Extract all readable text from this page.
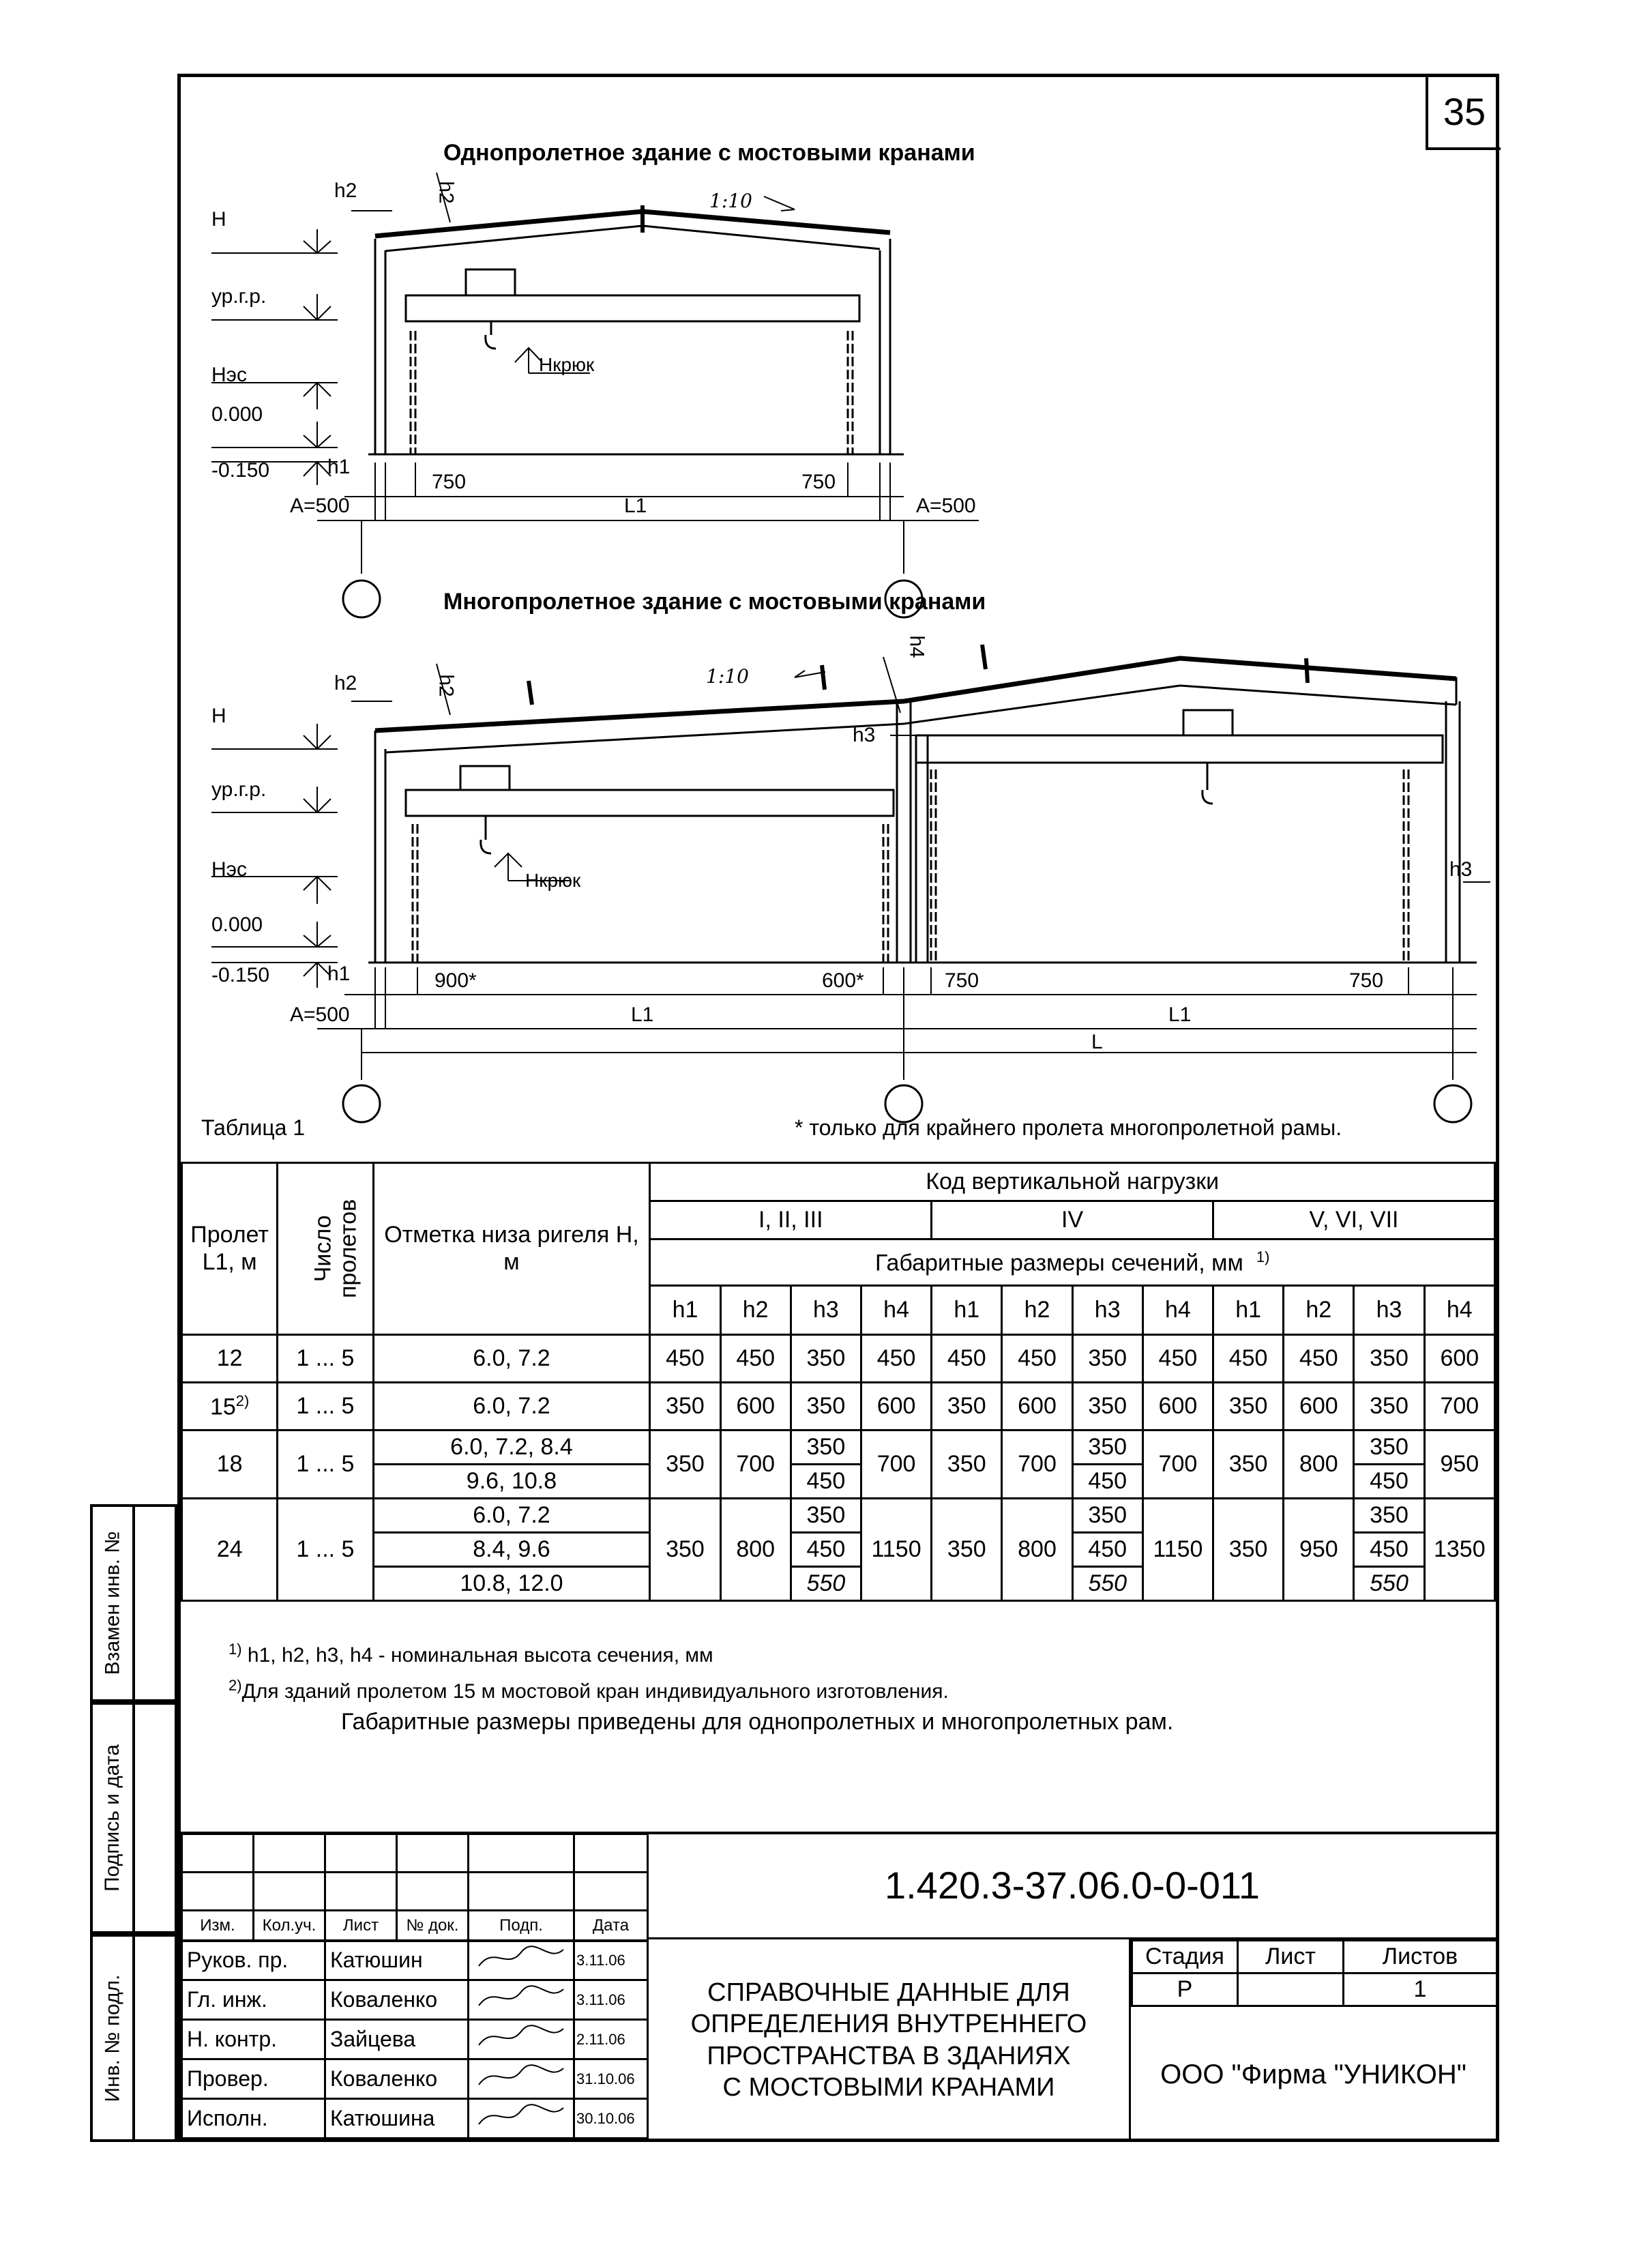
35
Однопролетное здание с мостовыми кранами
H
ур.г.р.
Нэс
0.000
-0.150	h1
h2	h2	1:10
Нкрюк
750	750
A=500	A=500
L1
Многопролетное здание с мостовыми кранами
H
ур.г.р.
Нэс
0.000
-0.150	h1
h2	h2
h3
h3
h4
1:10
Нкрюк
900*	600*	750	750
A=500	L1	L1
L
Таблица 1	* только для крайнего пролета многопролетной рамы.
Пролет L1, м	Число пролетов	Отметка низа ригеля Н, м	Код вертикальной нагрузки											
			I, II, III				IV				V, VI, VII			
			Габаритные размеры сечений, мм $^{1)}$
			h1	h2	h3	h4	h1	h2	h3	h4	h1	h2	h3	h4
12	1 ... 5	6.0, 7.2	450	450	350	450	450	450	350	450	450	450	350	600
15$^{2)}$	1 ... 5	6.0, 7.2	350	600	350	600	350	600	350	600	350	600	350	700
18	1 ... 5	6.0, 7.2, 8.4	350	700	350	700	350	700	350	700	350	800	350	950
		9.6, 10.8			450				450				450	
24	1 ... 5	6.0, 7.2	350	800	350	1150	350	800	350	1150	350	950	350	1350
		8.4, 9.6			450				450				450	
		10.8, 12.0			550				550				550	
$^{1)}$ h1, h2, h3, h4 - номинальная высота сечения, мм
$^{2)}$Для зданий пролетом 15 м мостовой кран индивидуального изготовления.
Габаритные размеры приведены для однопролетных и многопролетных рам.
Взамен инв. №
Подпись и дата
Инв. № подл.

Изм.	Кол.уч.	Лист	№ док.	Подп.	Дата
Руков. пр.	Катюшин		3.11.06
Гл. инж.	Коваленко		3.11.06
Н. контр.	Зайцева		2.11.06
Провер.	Коваленко		31.10.06
Исполн.	Катюшина		30.10.06
1.420.3-37.06.0-0-011
СПРАВОЧНЫЕ ДАННЫЕ ДЛЯ
ОПРЕДЕЛЕНИЯ ВНУТРЕННЕГО
ПРОСТРАНСТВА В ЗДАНИЯХ
С МОСТОВЫМИ КРАНАМИ
Стадия	Лист	Листов
Р		1
ООО "Фирма "УНИКОН"
